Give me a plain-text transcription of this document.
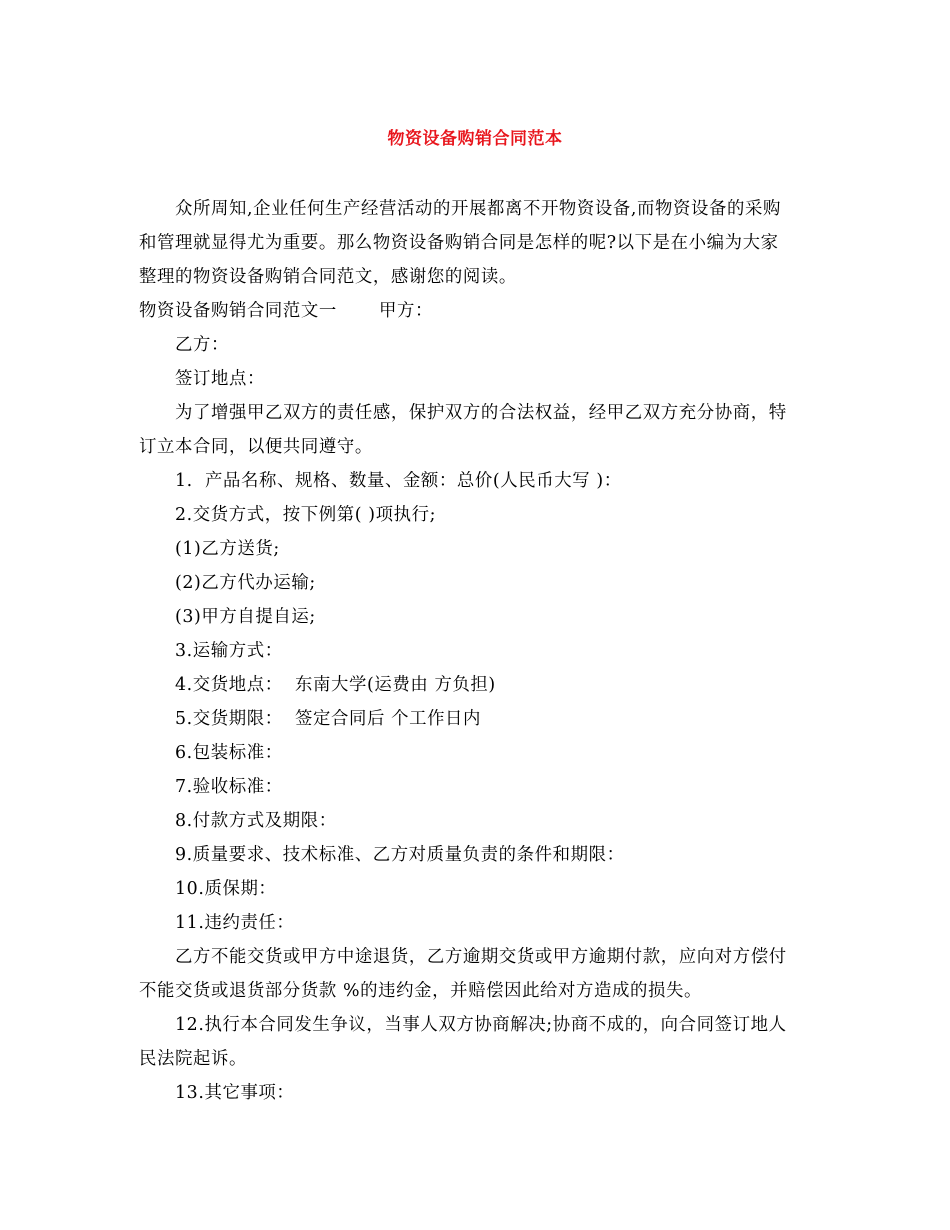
物资设备购销合同范本

众所周知,企业任何生产经营活动的开展都离不开物资设备,而物资设备的采购

和管理就显得尤为重要。那么物资设备购销合同是怎样的呢?以下是在小编为大家

整理的物资设备购销合同范文，感谢您的阅读。

物资设备购销合同范文一　　 甲方：

乙方：

签订地点：

为了增强甲乙双方的责任感，保护双方的合法权益，经甲乙双方充分协商，特

订立本合同，以便共同遵守。

1.  产品名称、规格、数量、金额：总价(人民币大写 )：

2.交货方式，按下例第( )项执行;

(1)乙方送货;

(2)乙方代办运输;

(3)甲方自提自运;

3.运输方式：

4.交货地点：  东南大学(运费由 方负担)

5.交货期限：  签定合同后 个工作日内

6.包装标准：

7.验收标准：

8.付款方式及期限：

9.质量要求、技术标准、乙方对质量负责的条件和期限：

10.质保期：

11.违约责任：

乙方不能交货或甲方中途退货，乙方逾期交货或甲方逾期付款，应向对方偿付

不能交货或退货部分货款 %的违约金，并赔偿因此给对方造成的损失。

12.执行本合同发生争议，当事人双方协商解决;协商不成的，向合同签订地人

民法院起诉。

13.其它事项：
